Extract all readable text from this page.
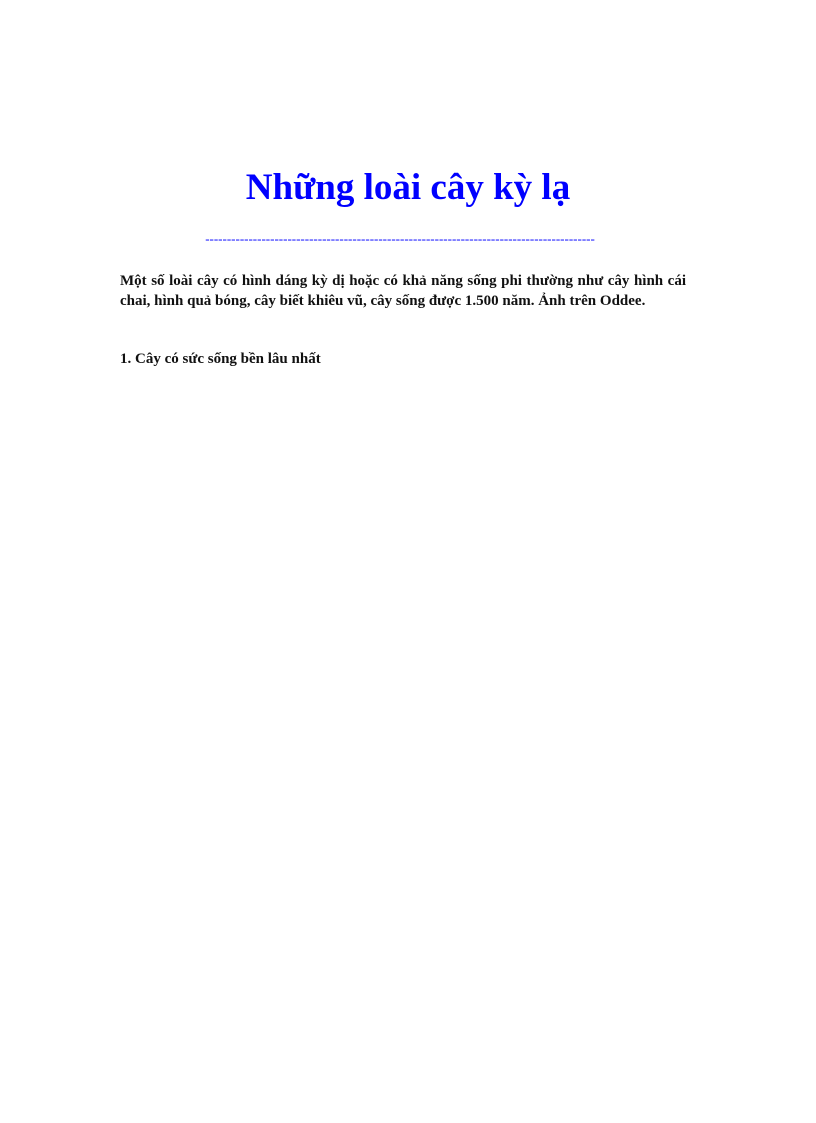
Những loài cây kỳ lạ
------------------------------------------------------------------------------------------

Một số loài cây có hình dáng kỳ dị hoặc có khả năng sống phi thường như cây hình cái chai, hình quả bóng, cây biết khiêu vũ, cây sống được 1.500 năm. Ảnh trên Oddee.

1. Cây có sức sống bền lâu nhất
